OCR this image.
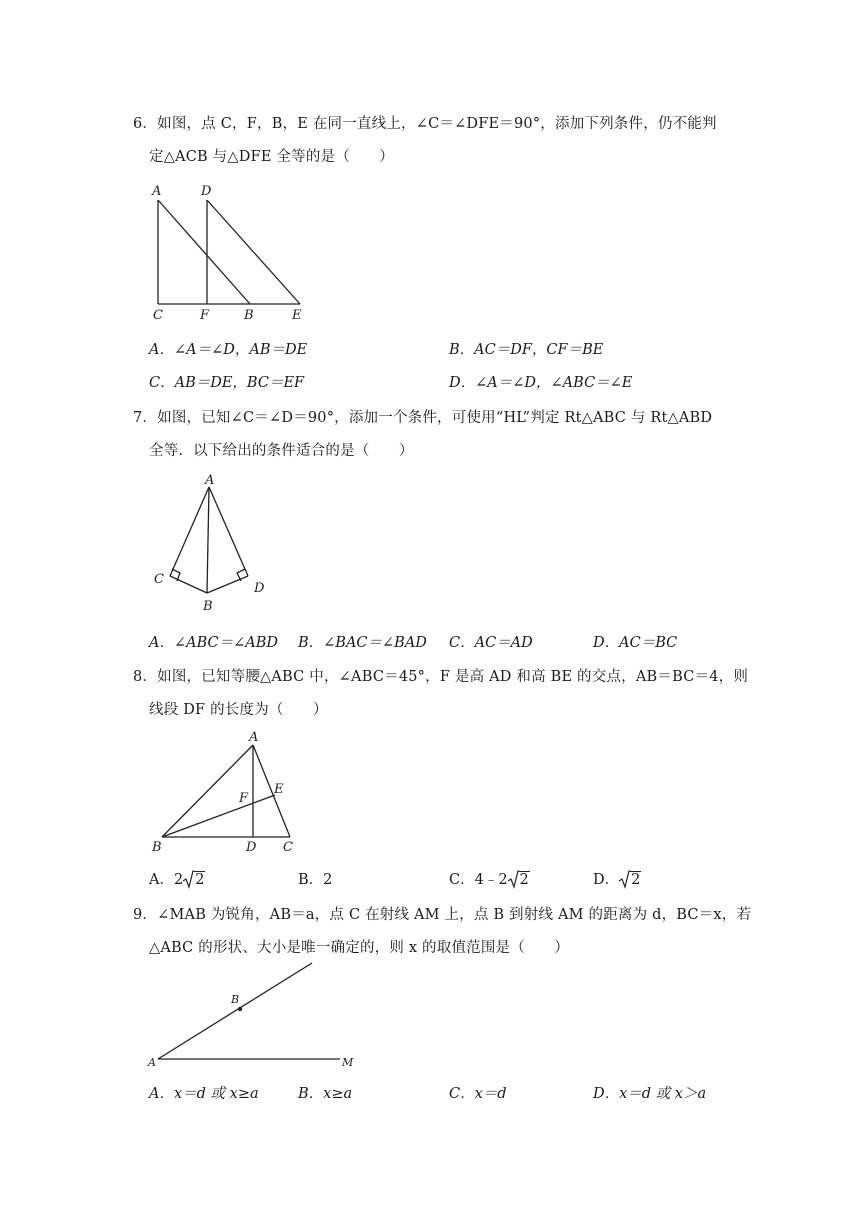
6．如图，点 C，F，B，E 在同一直线上，∠C＝∠DFE＝90°，添加下列条件，仍不能判
定△ACB 与△DFE 全等的是（　　）
A	D
C	F	B	E
A．∠A＝∠D，AB＝DE	B．AC＝DF，CF＝BE
C．AB＝DE，BC＝EF	D．∠A＝∠D，∠ABC＝∠E
7．如图，已知∠C＝∠D＝90°，添加一个条件，可使用“HL”判定 Rt△ABC 与 Rt△ABD
全等．以下给出的条件适合的是（　　）
A
C
D
B
A．∠ABC＝∠ABD B．∠BAC＝∠BAD C．AC＝AD	D．AC＝BC
8．如图，已知等腰△ABC 中，∠ABC＝45°，F 是高 AD 和高 BE 的交点，AB＝BC＝4，则
线段 DF 的长度为（　　）
A
E
F
B	D C
A．2 2	B．2	C．4﹣2 2	D． 2
9．∠MAB 为锐角，AB＝a，点 C 在射线 AM 上，点 B 到射线 AM 的距离为 d，BC＝x，若
△ABC 的形状、大小是唯一确定的，则 x 的取值范围是（　　）
B
A	M
A．x＝d 或 x≥a	B．x≥a	C．x＝d	D．x＝d 或 x＞a
